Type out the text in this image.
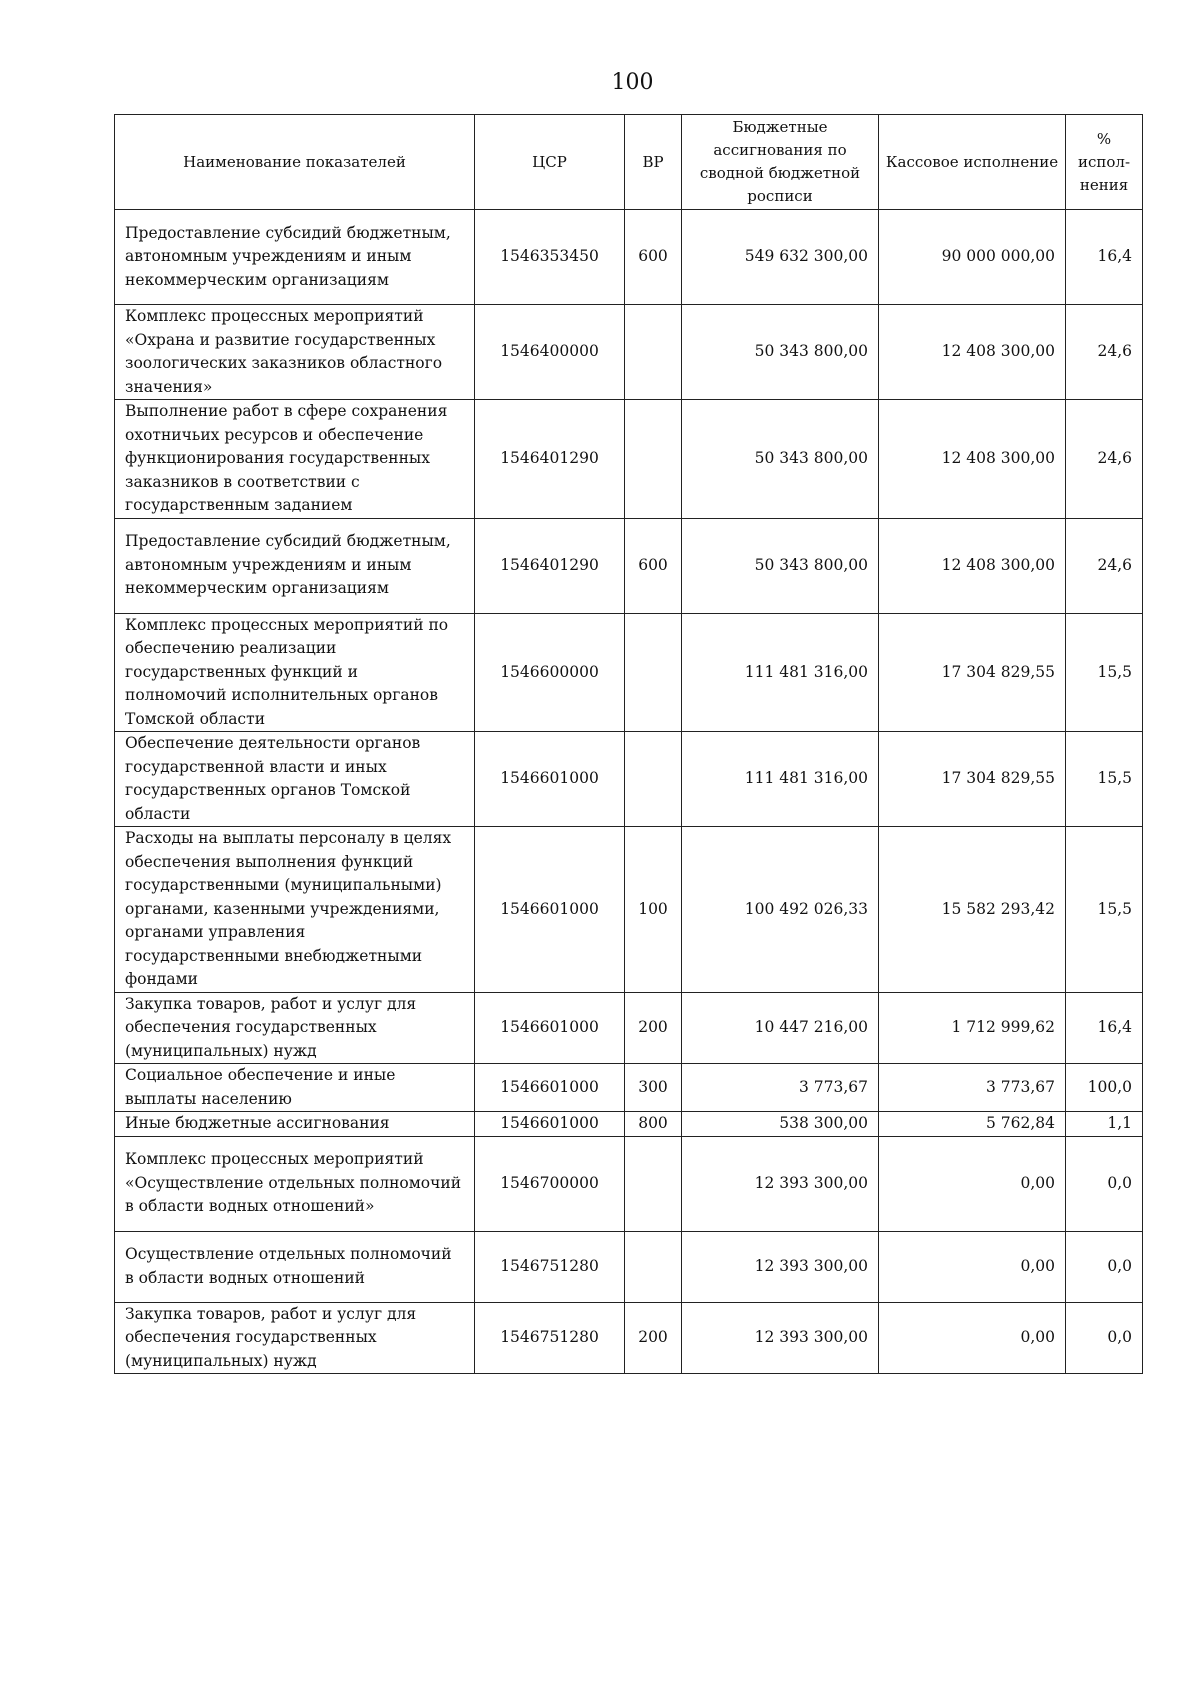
100
Наименование показателей	ЦСР	ВР	Бюджетные ассигнования по сводной бюджетной росписи	Кассовое исполнение	% испол-нения
Предоставление субсидий бюджетным, автономным учреждениям и иным некоммерческим организациям	1546353450	600	549 632 300,00	90 000 000,00	16,4
Комплекс процессных мероприятий «Охрана и развитие государственных зоологических заказников областного значения»	1546400000		50 343 800,00	12 408 300,00	24,6
Выполнение работ в сфере сохранения охотничьих ресурсов и обеспечение функционирования государственных заказников в соответствии с государственным заданием	1546401290		50 343 800,00	12 408 300,00	24,6
Предоставление субсидий бюджетным, автономным учреждениям и иным некоммерческим организациям	1546401290	600	50 343 800,00	12 408 300,00	24,6
Комплекс процессных мероприятий по обеспечению реализации государственных функций и полномочий исполнительных органов Томской области	1546600000		111 481 316,00	17 304 829,55	15,5
Обеспечение деятельности органов государственной власти и иных государственных органов Томской области	1546601000		111 481 316,00	17 304 829,55	15,5
Расходы на выплаты персоналу в целях обеспечения выполнения функций государственными (муниципальными) органами, казенными учреждениями, органами управления государственными внебюджетными фондами	1546601000	100	100 492 026,33	15 582 293,42	15,5
Закупка товаров, работ и услуг для обеспечения государственных (муниципальных) нужд	1546601000	200	10 447 216,00	1 712 999,62	16,4
Социальное обеспечение и иные выплаты населению	1546601000	300	3 773,67	3 773,67	100,0
Иные бюджетные ассигнования	1546601000	800	538 300,00	5 762,84	1,1
Комплекс процессных мероприятий «Осуществление отдельных полномочий в области водных отношений»	1546700000		12 393 300,00	0,00	0,0
Осуществление отдельных полномочий в области водных отношений	1546751280		12 393 300,00	0,00	0,0
Закупка товаров, работ и услуг для обеспечения государственных (муниципальных) нужд	1546751280	200	12 393 300,00	0,00	0,0
